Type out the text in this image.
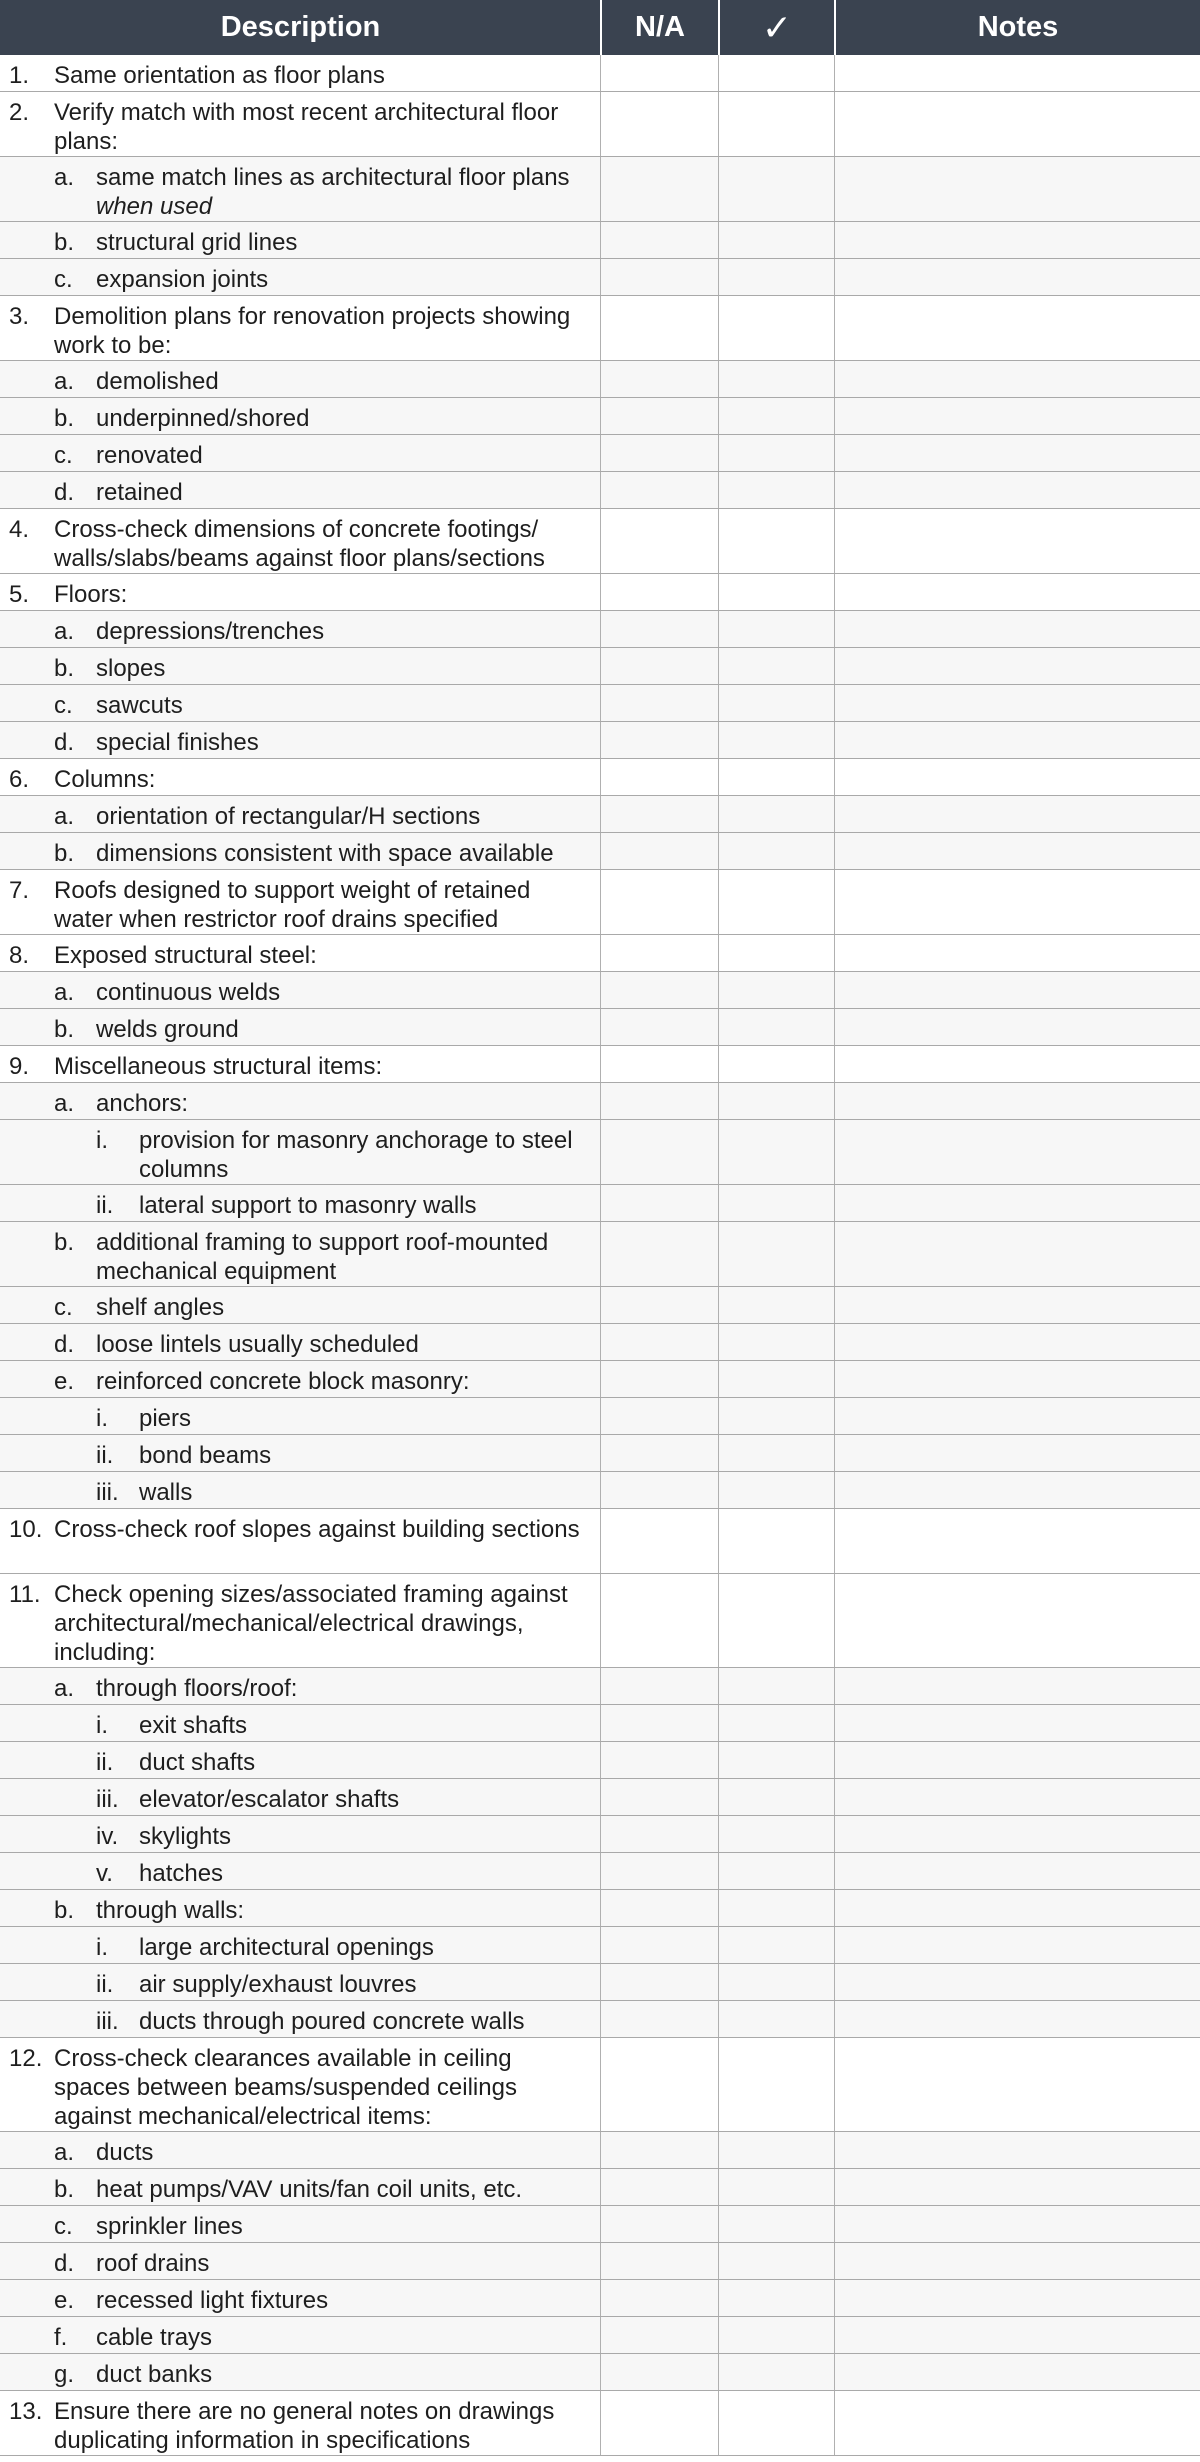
Description	N/A	✓	Notes
1. Same orientation as floor plans
2. Verify match with most recent architectural floor plans:
a. same match lines as architectural floor plans when used
b. structural grid lines
c. expansion joints
3. Demolition plans for renovation projects showing work to be:
a. demolished
b. underpinned/shored
c. renovated
d. retained
4. Cross-check dimensions of concrete footings/ walls/slabs/beams against floor plans/sections
5. Floors:
a. depressions/trenches
b. slopes
c. sawcuts
d. special finishes
6. Columns:
a. orientation of rectangular/H sections
b. dimensions consistent with space available
7. Roofs designed to support weight of retained water when restrictor roof drains specified
8. Exposed structural steel:
a. continuous welds
b. welds ground
9. Miscellaneous structural items:
a. anchors:
i. provision for masonry anchorage to steel columns
ii. lateral support to masonry walls
b. additional framing to support roof-mounted mechanical equipment
c. shelf angles
d. loose lintels usually scheduled
e. reinforced concrete block masonry:
i. piers
ii. bond beams
iii. walls
10. Cross-check roof slopes against building sections
11. Check opening sizes/associated framing against architectural/mechanical/electrical drawings, including:
a. through floors/roof:
i. exit shafts
ii. duct shafts
iii. elevator/escalator shafts
iv. skylights
v. hatches
b. through walls:
i. large architectural openings
ii. air supply/exhaust louvres
iii. ducts through poured concrete walls
12. Cross-check clearances available in ceiling spaces between beams/suspended ceilings against mechanical/electrical items:
a. ducts
b. heat pumps/VAV units/fan coil units, etc.
c. sprinkler lines
d. roof drains
e. recessed light fixtures
f. cable trays
g. duct banks
13. Ensure there are no general notes on drawings duplicating information in specifications
